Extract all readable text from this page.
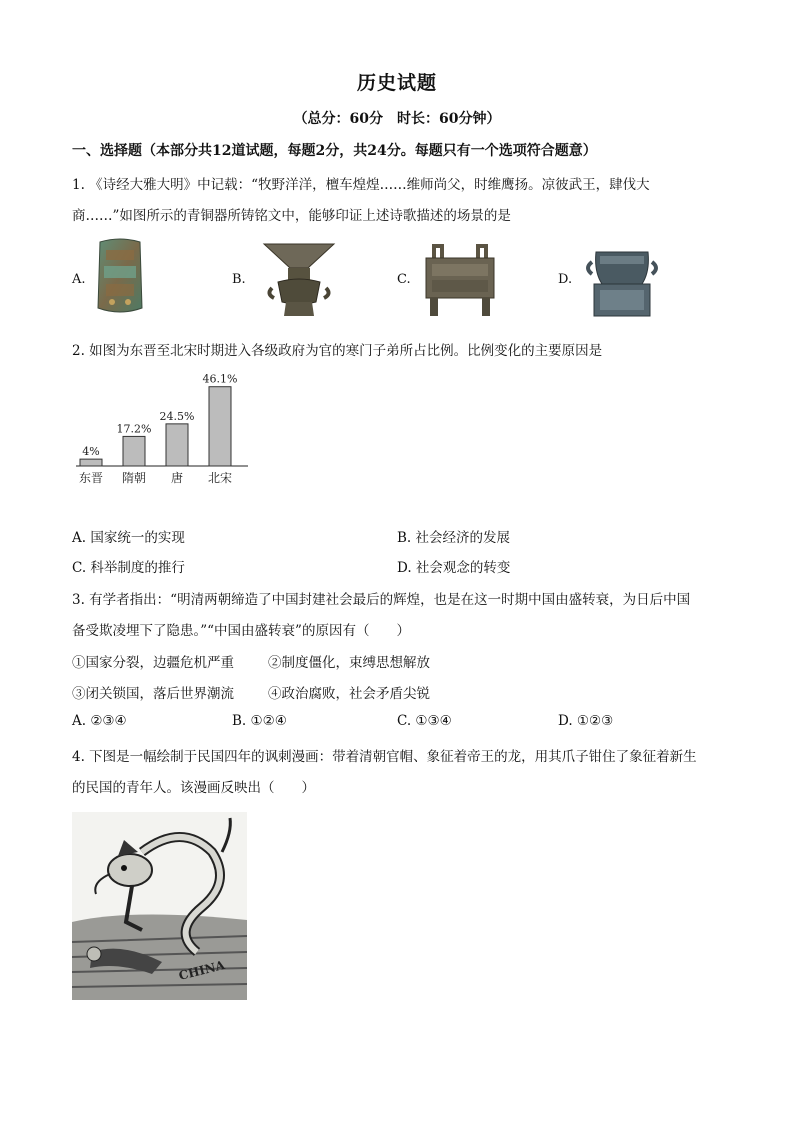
历史试题
（总分：60分　时长：60分钟）
一、选择题（本部分共12道试题，每题2分，共24分。每题只有一个选项符合题意）
1. 《诗经大雅大明》中记载：“牧野洋洋，檀车煌煌……维师尚父，时维鹰扬。凉彼武王，肆伐大
商……”如图所示的青铜器所铸铭文中，能够印证上述诗歌描述的场景的是
A.	B.	C.	D.
2. 如图为东晋至北宋时期进入各级政府为官的寒门子弟所占比例。比例变化的主要原因是
4%
东晋
17.2%
隋朝
24.5%
唐
46.1%
北宋
A. 国家统一的实现	B. 社会经济的发展
C. 科举制度的推行	D. 社会观念的转变
3. 有学者指出：“明清两朝缔造了中国封建社会最后的辉煌，也是在这一时期中国由盛转衰，为日后中国
备受欺凌埋下了隐患。”“中国由盛转衰”的原因有（　　）
①国家分裂，边疆危机严重	②制度僵化，束缚思想解放
③闭关锁国，落后世界潮流	④政治腐败，社会矛盾尖锐
A. ②③④	B. ①②④	C. ①③④	D. ①②③
4. 下图是一幅绘制于民国四年的讽刺漫画：带着清朝官帽、象征着帝王的龙，用其爪子钳住了象征着新生
的民国的青年人。该漫画反映出（　　）
CHINA
